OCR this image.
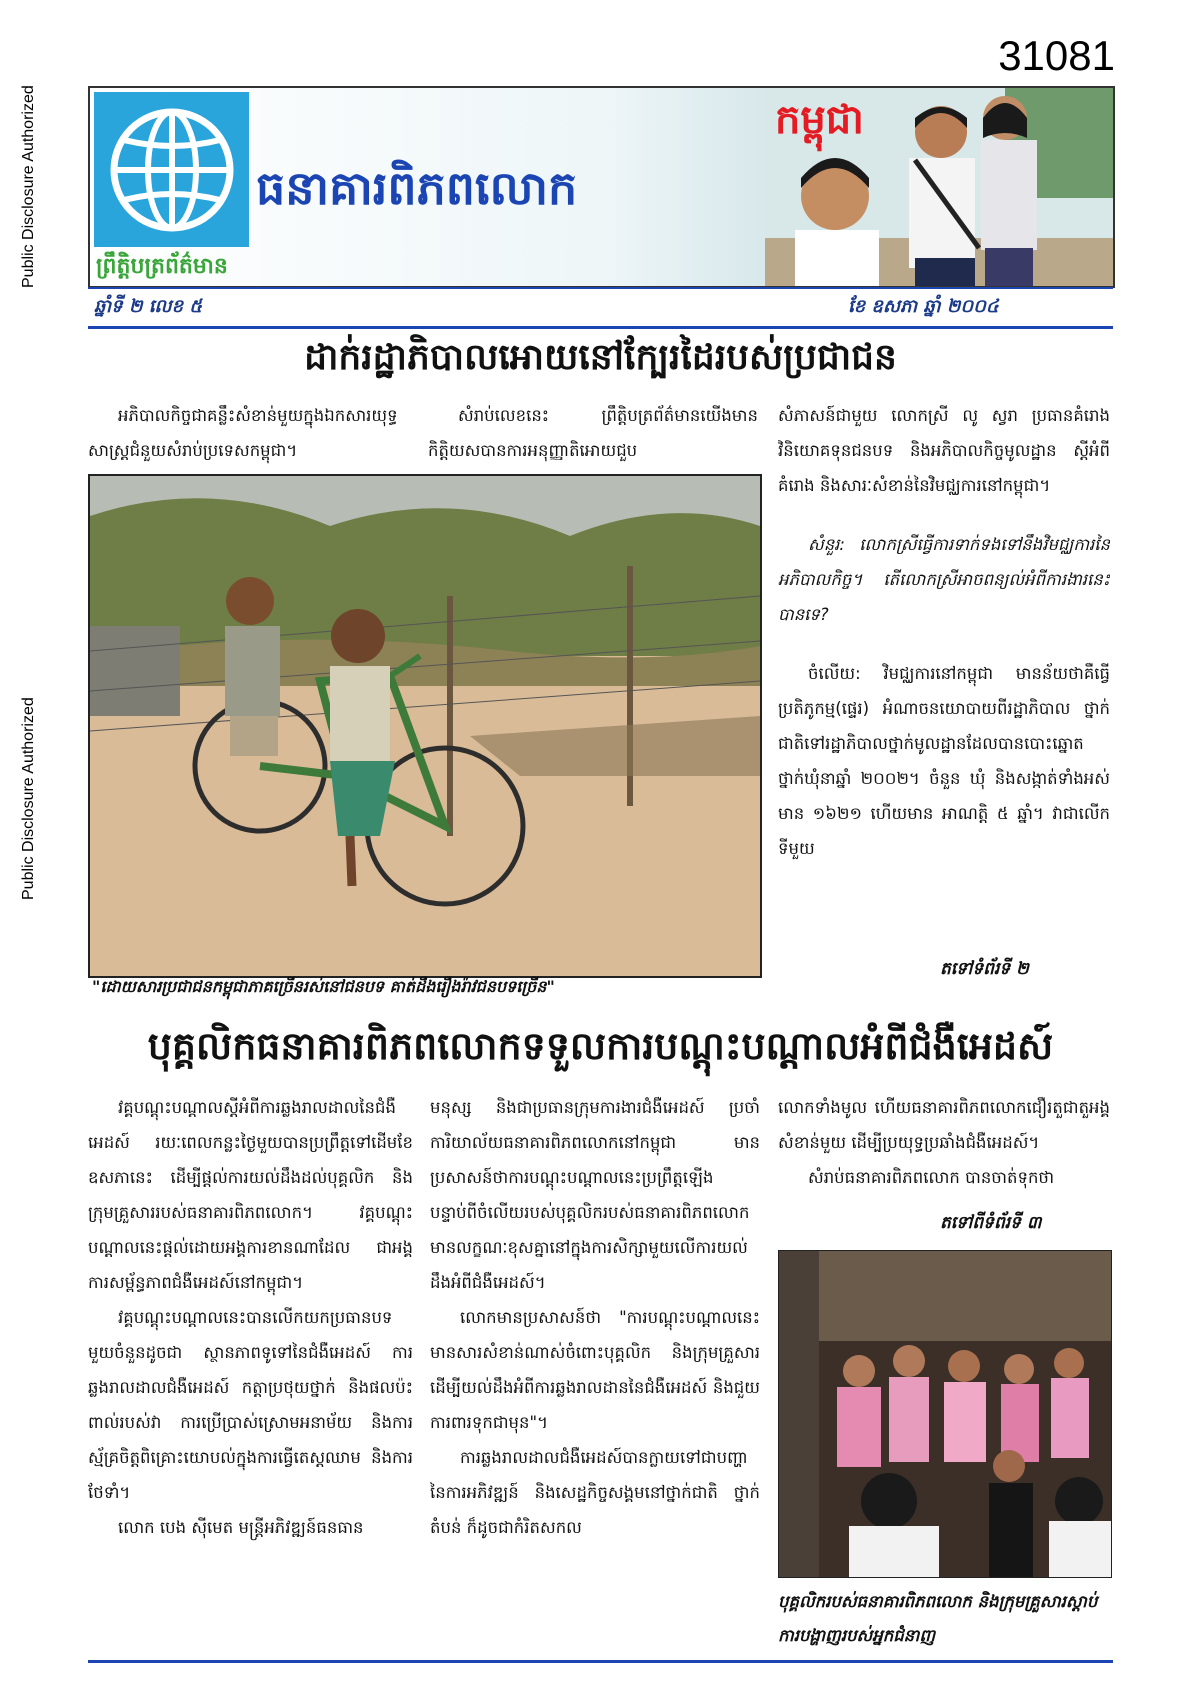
Public Disclosure Authorized
Public Disclosure Authorized
31081
ធនាគារពិភពលោក
ព្រឹត្តិបត្រព័ត៌មាន
កម្ពុជា
ឆ្នាំទី ២ លេខ ៥	ខែ ឧសភា ឆ្នាំ ២០០៤
ដាក់រដ្ឋាភិបាលអោយនៅក្បែរដៃរបស់ប្រជាជន

អភិបាលកិច្ចជាគន្លឹះសំខាន់មួយក្នុងឯកសារយុទ្ធសាស្ត្រជំនួយសំរាប់ប្រទេសកម្ពុជា។

សំរាប់លេខនេះ ព្រឹត្តិបត្រព័ត៌មានយើងមានកិត្តិយសបានការអនុញ្ញាតិអោយជួប

សំភាសន៍ជាមួយ លោកស្រី លូ ស្វរា ប្រធានគំរោងវិនិយោគទុនជនបទ និងអភិបាលកិច្ចមូលដ្ឋាន ស្តីអំពីគំរោង និងសារៈសំខាន់នៃវិមជ្ឈការនៅកម្ពុជា។

សំនួរ: លោកស្រីធ្វើការទាក់ទងទៅនឹងវិមជ្ឈការនៃអភិបាលកិច្ច។ តើលោកស្រីអាចពន្យល់អំពីការងារនេះបានទេ?

ចំលើយ: វិមជ្ឈការនៅកម្ពុជា មានន័យថាគឺធ្វើប្រតិភូកម្ម(ផ្ទេរ) អំណាចនយោបាយពីរដ្ឋាភិបាល ថ្នាក់ជាតិទៅរដ្ឋាភិបាលថ្នាក់មូលដ្ឋានដែលបានបោះឆ្នោតថ្នាក់ឃុំនាឆ្នាំ ២០០២។ ចំនួន ឃុំ និងសង្កាត់ទាំងអស់មាន ១៦២១ ហើយមាន អាណត្តិ ៥ ឆ្នាំ។ វាជាលើកទីមួយ

"ដោយសារប្រជាជនកម្ពុជាភាគច្រើនរស់នៅជនបទ គាត់ដឹងរឿងរ៉ាវជនបទច្រើន"
តទៅទំព័រទី ២
បុគ្គលិកធនាគារពិភពលោកទទួលការបណ្តុះបណ្តាលអំពីជំងឺអេដស៍

វគ្គបណ្តុះបណ្តាលស្តីអំពីការឆ្លងរាលដាលនៃជំងឺអេដស៍ រយៈពេលកន្លះថ្ងៃមួយបានប្រព្រឹត្តទៅដើមខែឧសភានេះ ដើម្បីផ្តល់ការយល់ដឹងដល់បុគ្គលិក និងក្រុមគ្រួសាររបស់ធនាគារពិភពលោក។ វគ្គបណ្តុះបណ្តាលនេះផ្តល់ដោយអង្គការខានណាដែល ជាអង្គការសម្ព័ន្ធភាពជំងឺអេដស៍នៅកម្ពុជា។

វគ្គបណ្តុះបណ្តាលនេះបានលើកយកប្រធានបទមួយចំនួនដូចជា ស្ថានភាពទូទៅនៃជំងឺអេដស៍ ការឆ្លងរាលដាលជំងឺអេដស៍ កត្តាប្រថុយថ្នាក់ និងផលប៉ះពាល់របស់វា ការប្រើប្រាស់ស្រោមអនាម័យ និងការស្ម័គ្រចិត្តពិគ្រោះយោបល់ក្នុងការធ្វើតេស្តឈាម និងការថែទាំ។

លោក បេង ស៊ីមេត មន្ត្រីអភិវឌ្ឍន៍ធនធាន

មនុស្ស និងជាប្រធានក្រុមការងារជំងឺអេដស៍ ប្រចាំការិយាល័យធនាគារពិភពលោកនៅកម្ពុជា មានប្រសាសន៍ថាការបណ្តុះបណ្តាលនេះប្រព្រឹត្តឡើងបន្ទាប់ពីចំលើយរបស់បុគ្គលិករបស់ធនាគារពិភពលោក មានលក្ខណៈខុសគ្នានៅក្នុងការសិក្សាមួយលើការយល់ដឹងអំពីជំងឺអេដស៍។

លោកមានប្រសាសន៍ថា "ការបណ្តុះបណ្តាលនេះ មានសារសំខាន់ណាស់ចំពោះបុគ្គលិក និងក្រុមគ្រួសារ ដើម្បីយល់ដឹងអំពីការឆ្លងរាលដាននៃជំងឺអេដស៍ និងជួយការពារទុកជាមុន"។

ការឆ្លងរាលដាលជំងឺអេដស៍បានក្លាយទៅជាបញ្ហានៃការអភិវឌ្ឍន៍ និងសេដ្ឋកិច្ចសង្គមនៅថ្នាក់ជាតិ ថ្នាក់តំបន់ ក៏ដូចជាកំរិតសកល

លោកទាំងមូល ហើយធនាគារពិភពលោកជឿរតួជាតួអង្គសំខាន់មួយ ដើម្បីប្រយុទ្ធប្រឆាំងជំងឺអេដស៍។

សំរាប់ធនាគារពិភពលោក បានចាត់ទុកថា

តទៅពីទំព័រទី ៣
បុគ្គលិករបស់ធនាគារពិភពលោក និងក្រុមគ្រួសារស្តាប់ការបង្ហាញរបស់អ្នកជំនាញ
